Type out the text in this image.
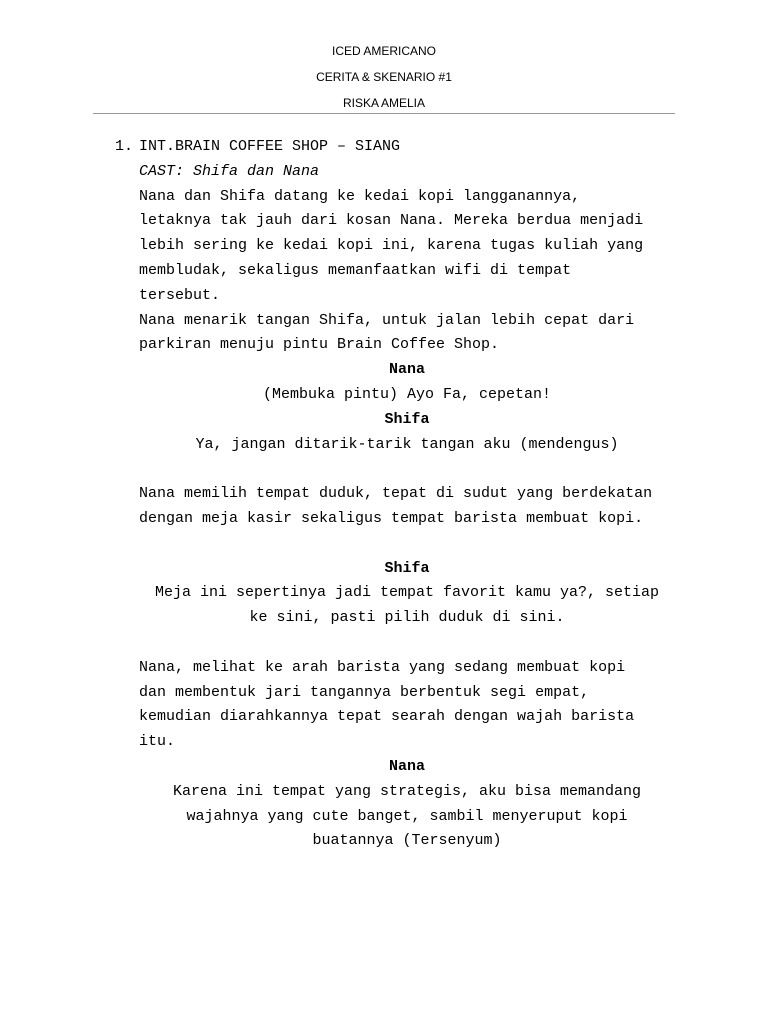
ICED AMERICANO
CERITA & SKENARIO #1
RISKA AMELIA
1. INT.BRAIN COFFEE SHOP – SIANG
CAST: Shifa dan Nana
Nana dan Shifa datang ke kedai kopi langganannya,
letaknya tak jauh dari kosan Nana. Mereka berdua menjadi
lebih sering ke kedai kopi ini, karena tugas kuliah yang
membludak, sekaligus memanfaatkan wifi di tempat
tersebut.
Nana menarik tangan Shifa, untuk jalan lebih cepat dari
parkiran menuju pintu Brain Coffee Shop.
Nana
(Membuka pintu) Ayo Fa, cepetan!
Shifa
Ya, jangan ditarik-tarik tangan aku (mendengus)
Nana memilih tempat duduk, tepat di sudut yang berdekatan
dengan meja kasir sekaligus tempat barista membuat kopi.
Shifa
Meja ini sepertinya jadi tempat favorit kamu ya?, setiap
ke sini, pasti pilih duduk di sini.
Nana, melihat ke arah barista yang sedang membuat kopi
dan membentuk jari tangannya berbentuk segi empat,
kemudian diarahkannya tepat searah dengan wajah barista
itu.
Nana
Karena ini tempat yang strategis, aku bisa memandang
wajahnya yang cute banget, sambil menyeruput kopi
buatannya (Tersenyum)
